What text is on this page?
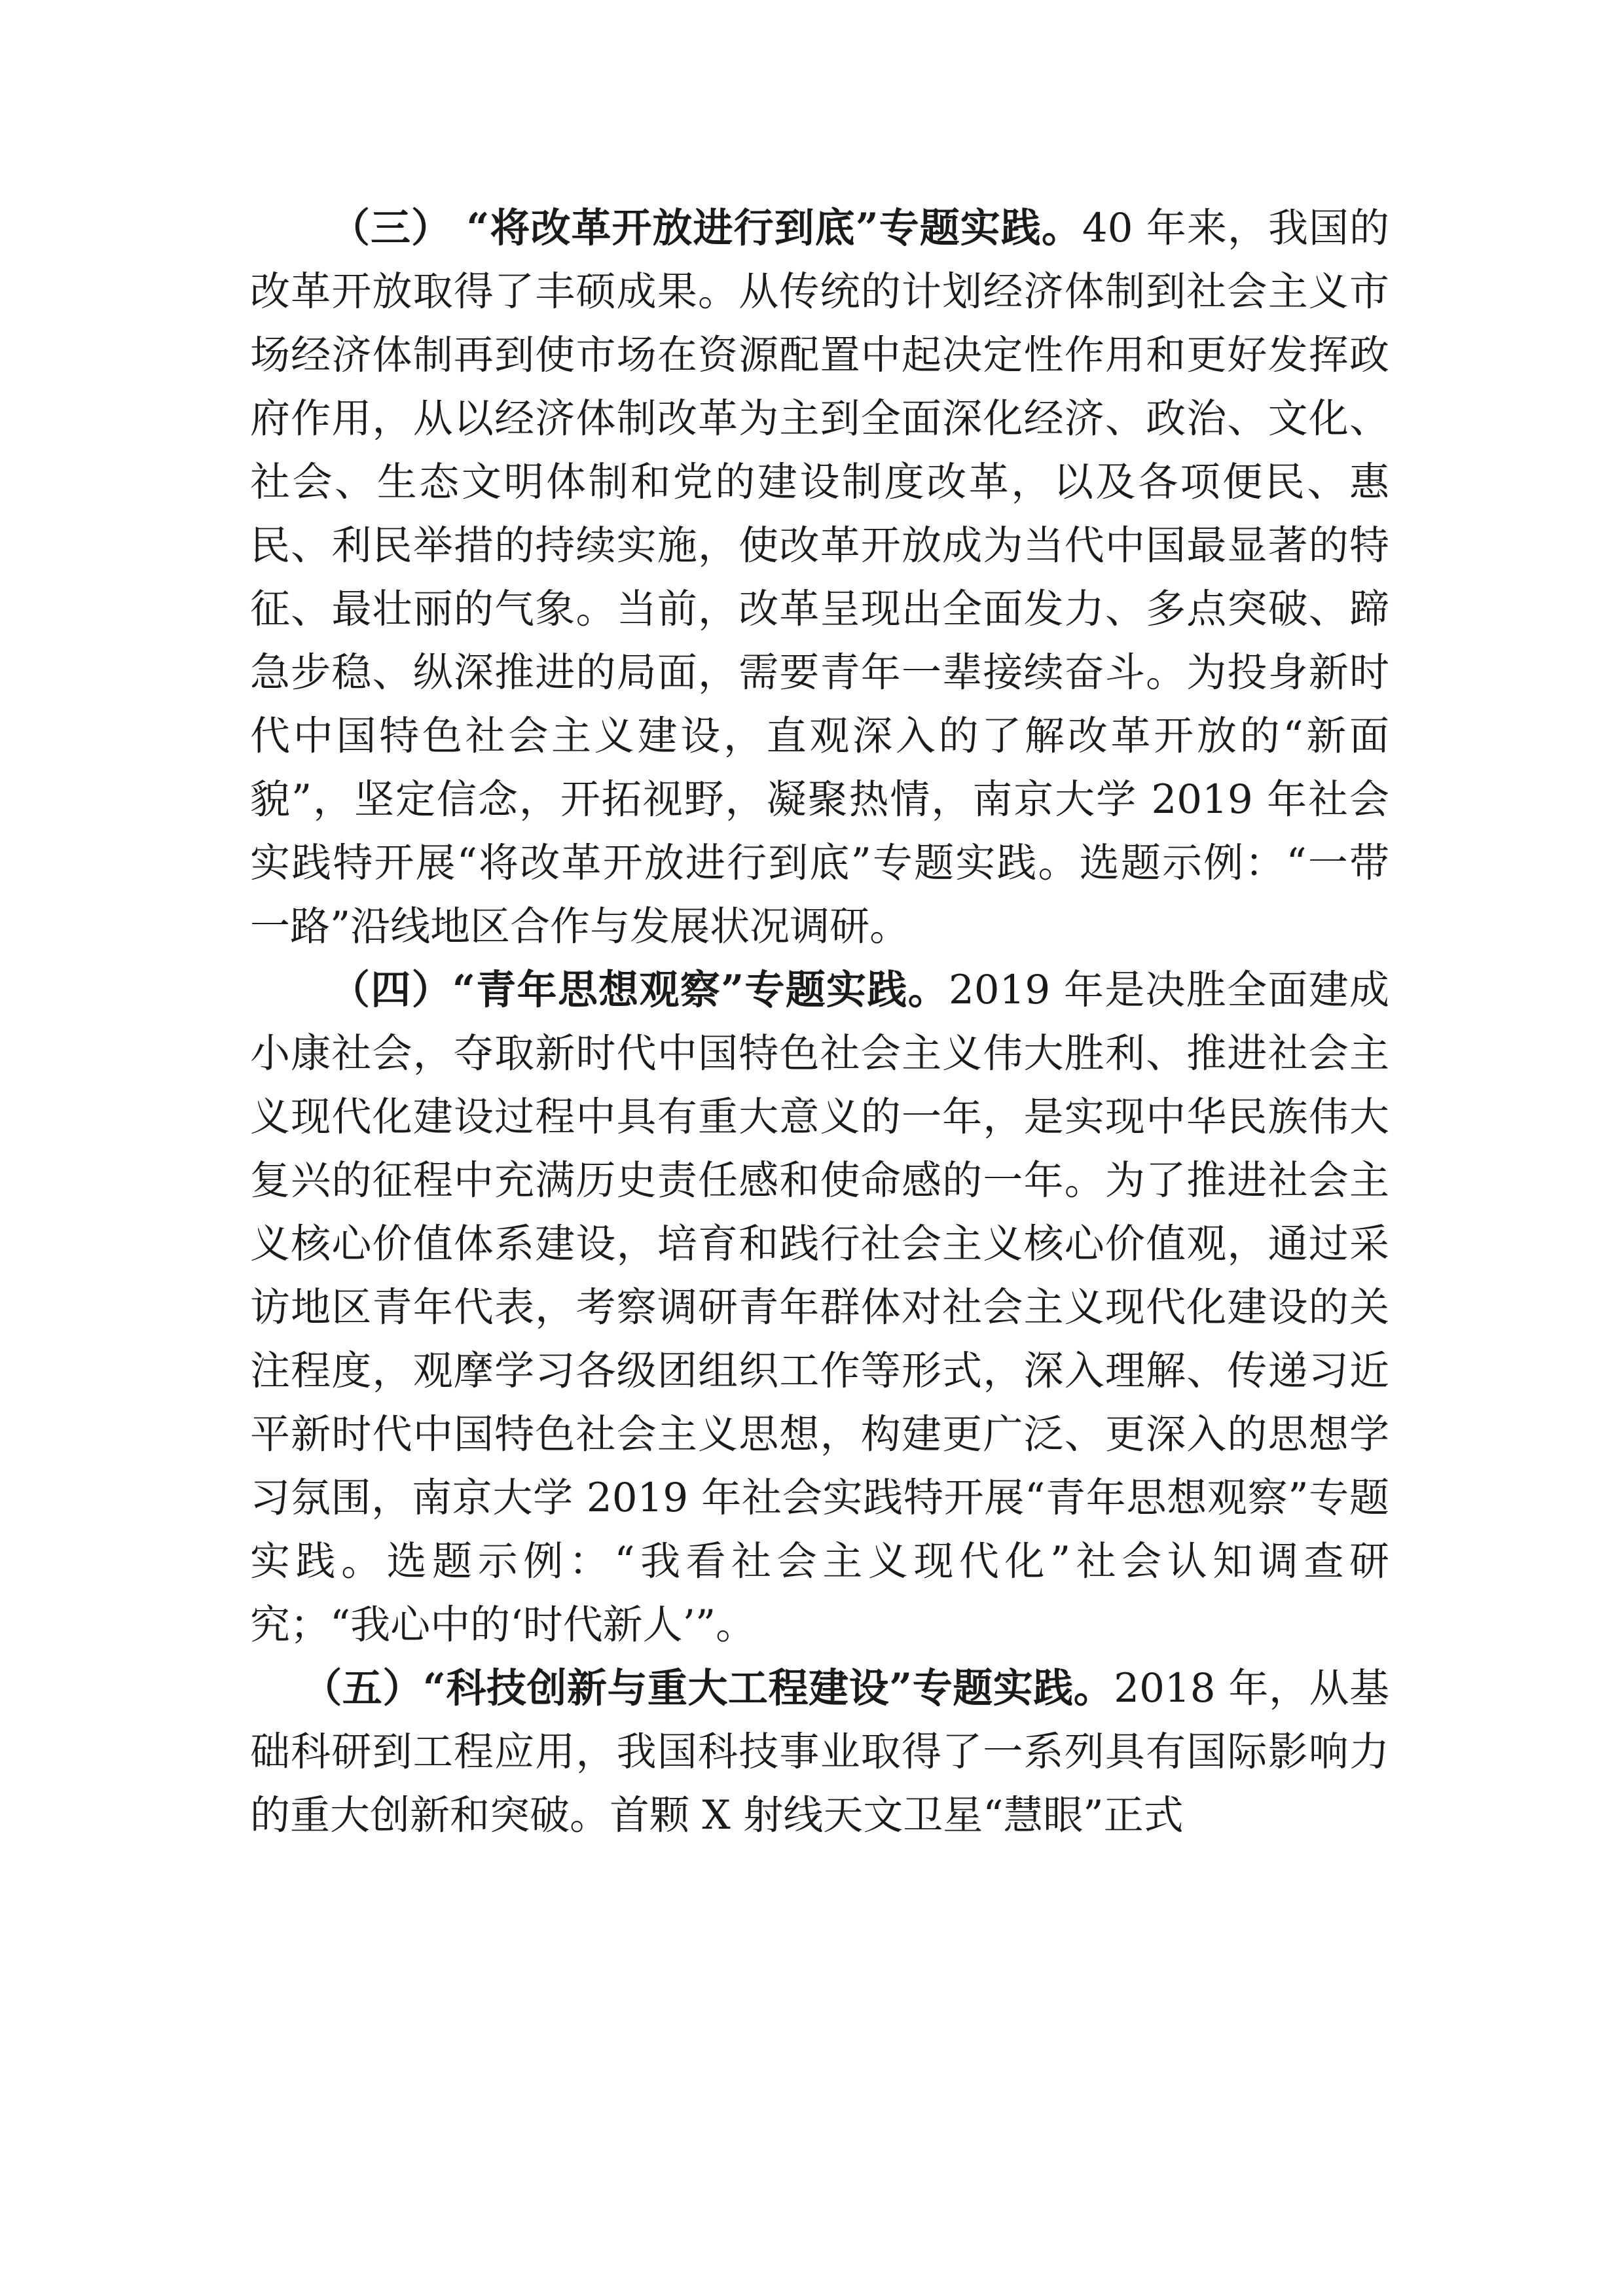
（三） “将改革开放进行到底”专题实践。40 年来，我国的改革开放取得了丰硕成果。从传统的计划经济体制到社会主义市场经济体制再到使市场在资源配置中起决定性作用和更好发挥政府作用，从以经济体制改革为主到全面深化经济、政治、文化、社会、生态文明体制和党的建设制度改革，以及各项便民、惠民、利民举措的持续实施，使改革开放成为当代中国最显著的特征、最壮丽的气象。当前，改革呈现出全面发力、多点突破、蹄急步稳、纵深推进的局面，需要青年一辈接续奋斗。为投身新时代中国特色社会主义建设，直观深入的了解改革开放的“新面貌”，坚定信念，开拓视野，凝聚热情，南京大学 2019 年社会实践特开展“将改革开放进行到底”专题实践。选题示例：“一带一路”沿线地区合作与发展状况调研。

（四）“青年思想观察”专题实践。2019 年是决胜全面建成小康社会，夺取新时代中国特色社会主义伟大胜利、推进社会主义现代化建设过程中具有重大意义的一年，是实现中华民族伟大复兴的征程中充满历史责任感和使命感的一年。为了推进社会主义核心价值体系建设，培育和践行社会主义核心价值观，通过采访地区青年代表，考察调研青年群体对社会主义现代化建设的关注程度，观摩学习各级团组织工作等形式，深入理解、传递习近平新时代中国特色社会主义思想，构建更广泛、更深入的思想学习氛围，南京大学 2019 年社会实践特开展“青年思想观察”专题实践。选题示例：“我看社会主义现代化”社会认知调查研究；“我心中的‘时代新人’”。

（五）“科技创新与重大工程建设”专题实践。2018 年，从基础科研到工程应用，我国科技事业取得了一系列具有国际影响力的重大创新和突破。首颗 X 射线天文卫星“慧眼”正式
